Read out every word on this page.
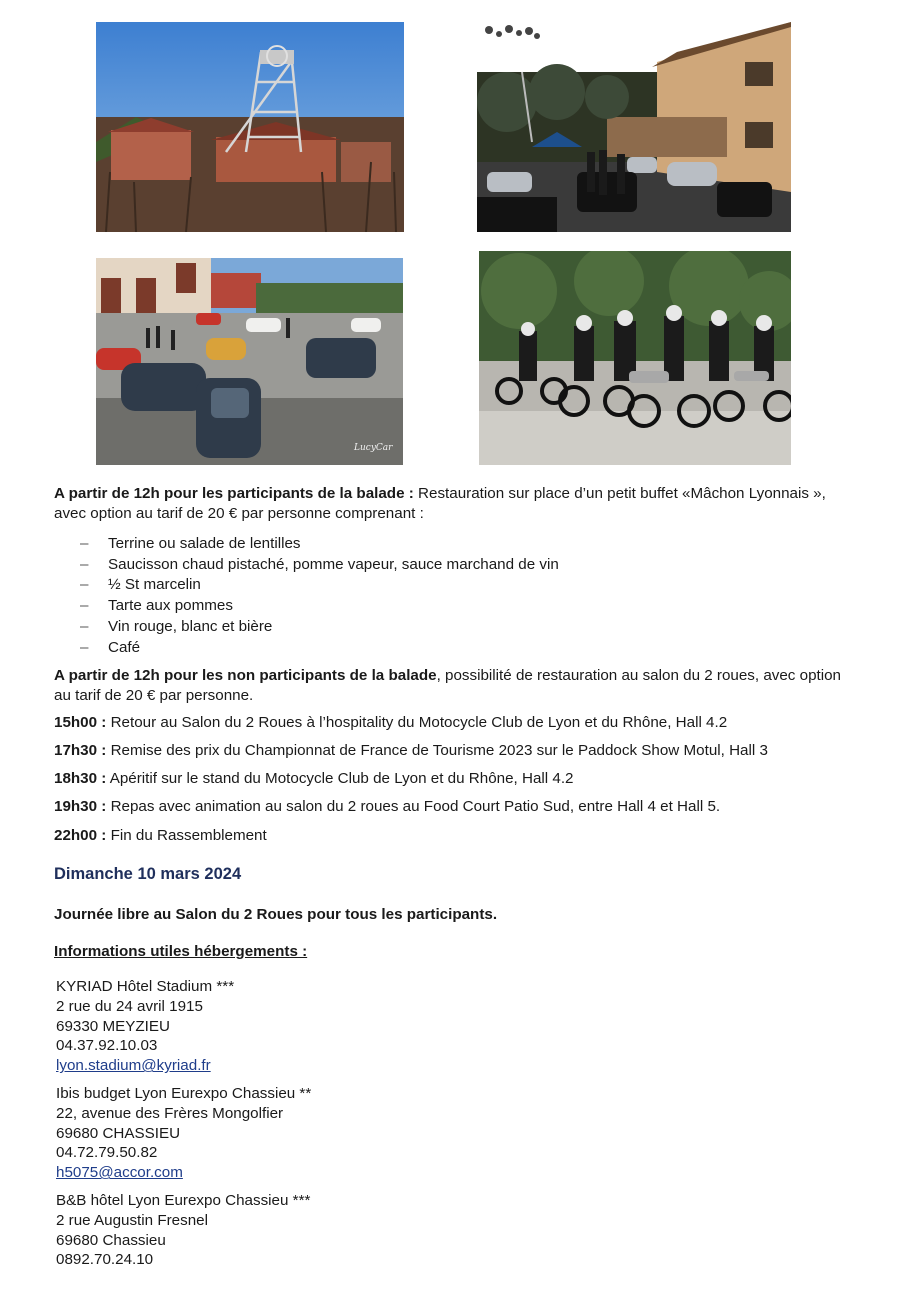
LucyCar

A partir de 12h pour les participants de la balade : Restauration sur place d’un petit buffet «Mâchon Lyonnais », avec option au tarif de 20 € par personne comprenant :

– Terrine ou salade de lentilles
– Saucisson chaud pistaché, pomme vapeur, sauce marchand de vin
– ½ St marcelin
– Tarte aux pommes
– Vin rouge, blanc et bière
– Café

A partir de 12h pour les non participants de la balade, possibilité de restauration au salon du 2 roues, avec option au tarif de 20 € par personne.

15h00 : Retour au Salon du 2 Roues à l’hospitality du Motocycle Club de Lyon et du Rhône, Hall 4.2
17h30 : Remise des prix du Championnat de France de Tourisme 2023 sur le Paddock Show Motul, Hall 3
18h30 : Apéritif sur le stand du Motocycle Club de Lyon et du Rhône, Hall 4.2
19h30 : Repas avec animation au salon du 2 roues au Food Court Patio Sud, entre Hall 4 et Hall 5.
22h00 : Fin du Rassemblement
Dimanche 10 mars 2024
Journée libre au Salon du 2 Roues pour tous les participants.
Informations utiles hébergements :
KYRIAD Hôtel Stadium ***
2 rue du 24 avril 1915
69330 MEYZIEU
04.37.92.10.03
lyon.stadium@kyriad.fr
Ibis budget Lyon Eurexpo Chassieu **
22, avenue des Frères Mongolfier
69680 CHASSIEU
04.72.79.50.82
h5075@accor.com
B&B hôtel Lyon Eurexpo Chassieu ***
2 rue Augustin Fresnel
69680 Chassieu
0892.70.24.10
